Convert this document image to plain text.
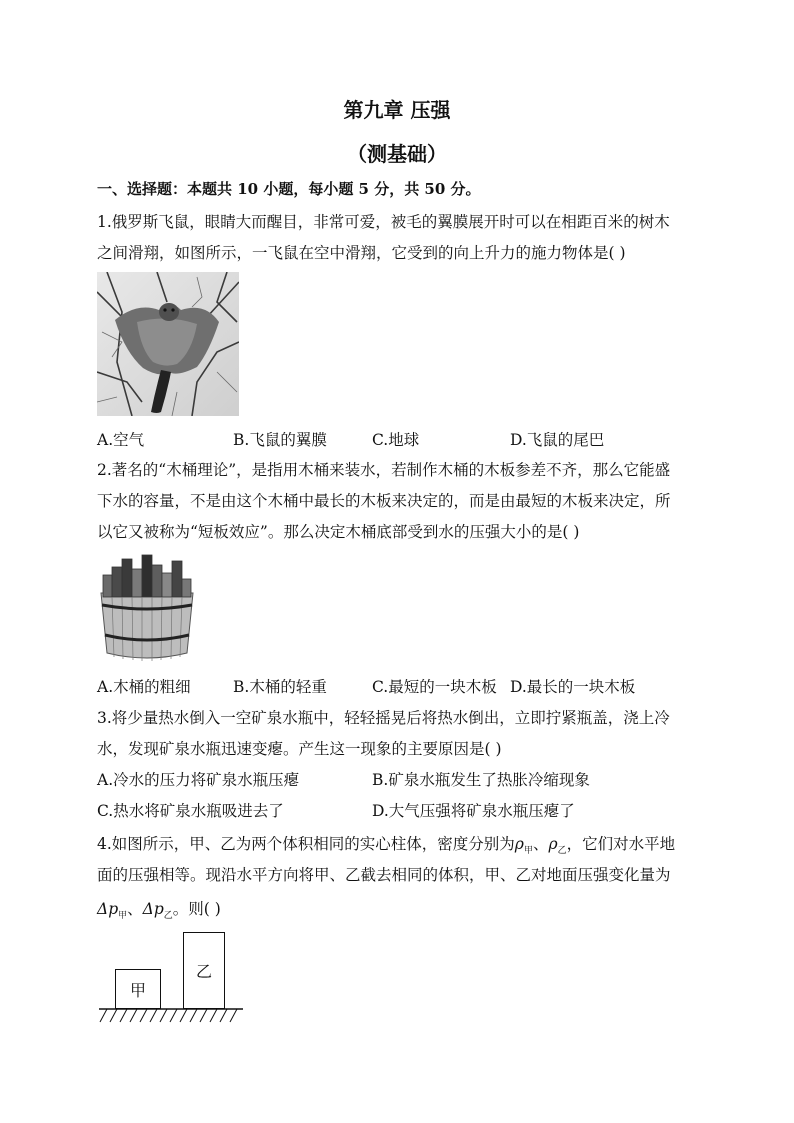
第九章 压强
（测基础）
一、选择题：本题共 10 小题，每小题 5 分，共 50 分。
1.俄罗斯飞鼠，眼睛大而醒目，非常可爱，被毛的翼膜展开时可以在相距百米的树木
之间滑翔，如图所示，一飞鼠在空中滑翔，它受到的向上升力的施力物体是( )
A.空气	B.飞鼠的翼膜	C.地球	D.飞鼠的尾巴
2.著名的“木桶理论”，是指用木桶来装水，若制作木桶的木板参差不齐，那么它能盛
下水的容量，不是由这个木桶中最长的木板来决定的，而是由最短的木板来决定，所
以它又被称为“短板效应”。那么决定木桶底部受到水的压强大小的是( )
A.木桶的粗细	B.木桶的轻重	C.最短的一块木板 D.最长的一块木板
3.将少量热水倒入一空矿泉水瓶中，轻轻摇晃后将热水倒出，立即拧紧瓶盖，浇上冷
水，发现矿泉水瓶迅速变瘪。产生这一现象的主要原因是( )
A.冷水的压力将矿泉水瓶压瘪	B.矿泉水瓶发生了热胀冷缩现象
C.热水将矿泉水瓶吸进去了	D.大气压强将矿泉水瓶压瘪了
4.如图所示，甲、乙为两个体积相同的实心柱体，密度分别为$\rho_甲$、$\rho_乙$，它们对水平地
面的压强相等。现沿水平方向将甲、乙截去相同的体积，甲、乙对地面压强变化量为
$\Delta p_甲$、$\Delta p_乙$。则( )
甲
乙
